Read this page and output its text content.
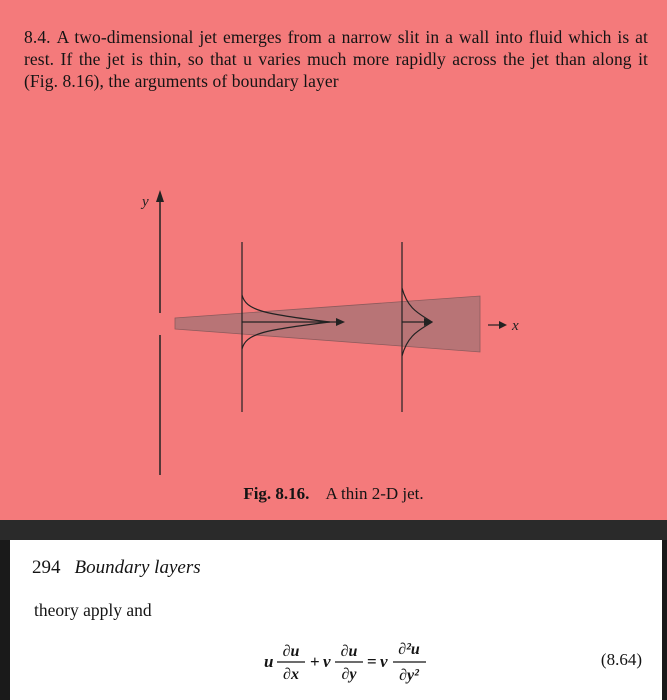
8.4. A two-dimensional jet emerges from a narrow slit in a wall into fluid which is at rest. If the jet is thin, so that u varies much more rapidly across the jet than along it (Fig. 8.16), the arguments of boundary layer

y
x
Fig. 8.16. A thin 2-D jet.
294 Boundary layers
theory apply and
u
∂u
∂x
+ v
∂u
∂y
= ν
∂²u
∂y²
(8.64)
